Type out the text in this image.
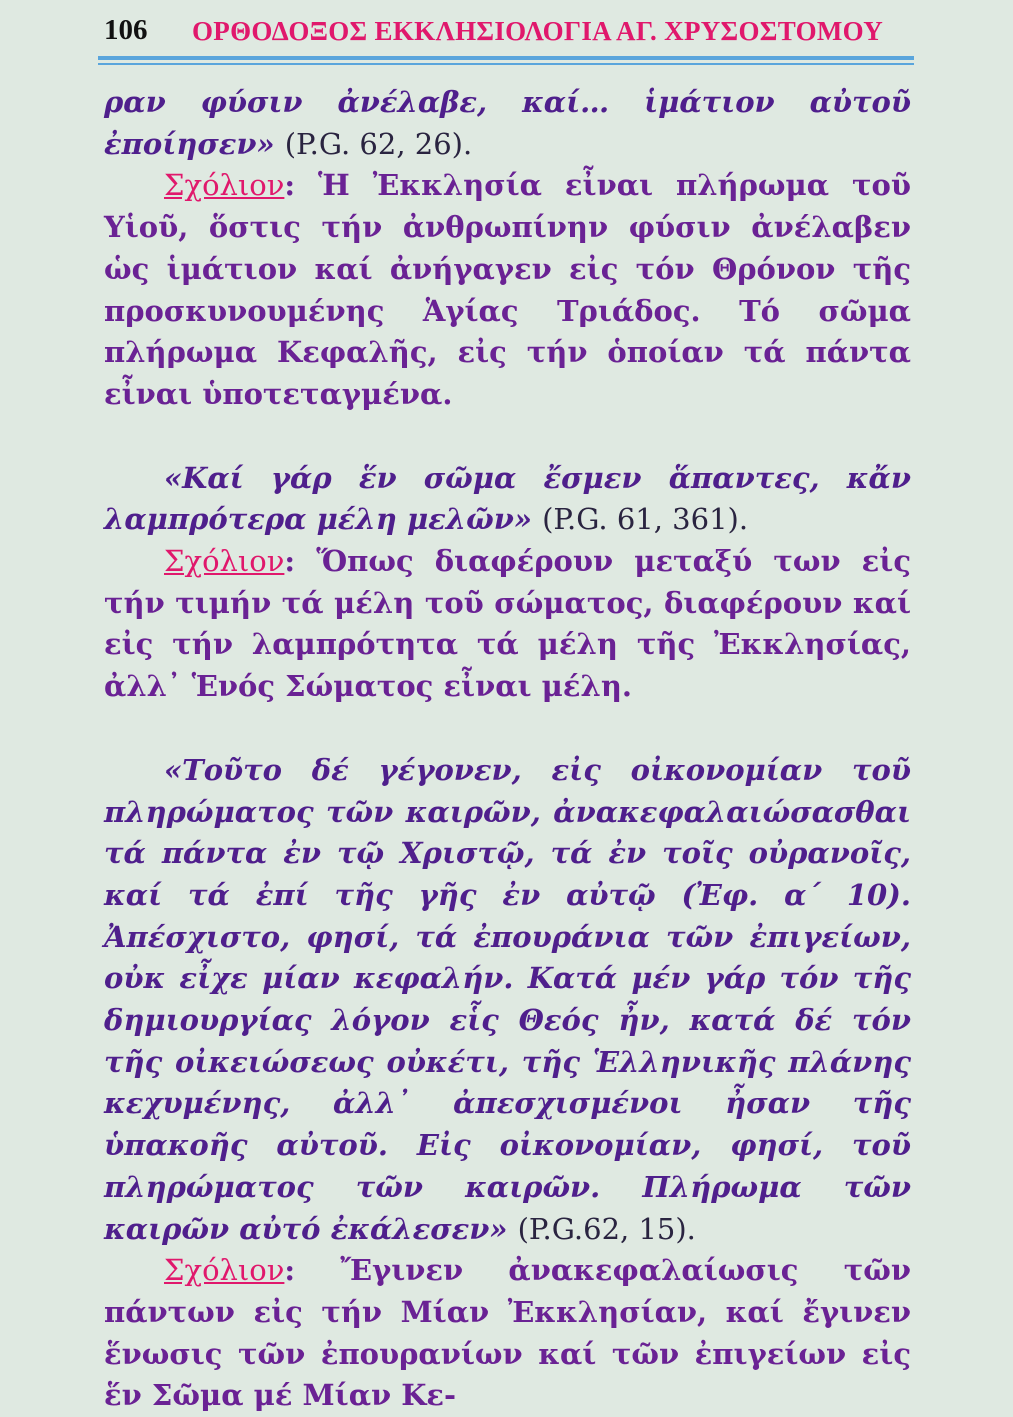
106 ΟΡΘΟΔΟΞΟΣ ΕΚΚΛΗΣΙΟΛΟΓΙΑ ΑΓ. ΧΡΥΣΟΣΤΟΜΟΥ

ραν φύσιν ἀνέλαβε, καί… ἱμάτιον αὐτοῦ ἐποίησεν» (P.G. 62, 26).

Σχόλιον: Ἡ Ἐκκλησία εἶναι πλήρωμα τοῦ Υἱοῦ, ὅστις τήν ἀνθρωπίνην φύσιν ἀνέλαβεν ὡς ἱμάτιον καί ἀνήγαγεν εἰς τόν Θρόνον τῆς προσκυνουμένης Ἁγίας Τριάδος. Τό σῶμα πλήρωμα Κεφαλῆς, εἰς τήν ὁποίαν τά πάντα εἶναι ὑποτεταγμένα.

«Καί γάρ ἕν σῶμα ἔσμεν ἅπαντες, κἄν λαμπρότερα μέλη μελῶν» (P.G. 61, 361).

Σχόλιον: Ὅπως διαφέρουν μεταξύ των εἰς τήν τιμήν τά μέλη τοῦ σώματος, διαφέρουν καί εἰς τήν λαμπρότητα τά μέλη τῆς Ἐκκλησίας, ἀλλ᾽ Ἑνός Σώματος εἶναι μέλη.

«Τοῦτο δέ γέγονεν, εἰς οἰκονομίαν τοῦ πληρώματος τῶν καιρῶν, ἀνακεφαλαιώσασθαι τά πάντα ἐν τῷ Χριστῷ, τά ἐν τοῖς οὐρανοῖς, καί τά ἐπί τῆς γῆς ἐν αὐτῷ (Ἐφ. α΄ 10). Ἀπέσχιστο, φησί, τά ἐπουράνια τῶν ἐπιγείων, οὐκ εἶχε μίαν κεφαλήν. Κατά μέν γάρ τόν τῆς δημιουργίας λόγον εἷς Θεός ἦν, κατά δέ τόν τῆς οἰκειώσεως οὐκέτι, τῆς Ἑλληνικῆς πλάνης κεχυμένης, ἀλλ᾽ ἀπεσχισμένοι ἦσαν τῆς ὑπακοῆς αὐτοῦ. Εἰς οἰκονομίαν, φησί, τοῦ πληρώματος τῶν καιρῶν. Πλήρωμα τῶν καιρῶν αὐτό ἐκάλεσεν» (P.G.62, 15).

Σχόλιον: Ἔγινεν ἀνακεφαλαίωσις τῶν πάντων εἰς τήν Μίαν Ἐκκλησίαν, καί ἔγινεν ἕνωσις τῶν ἐπουρανίων καί τῶν ἐπιγείων εἰς ἕν Σῶμα μέ Μίαν Κε-
